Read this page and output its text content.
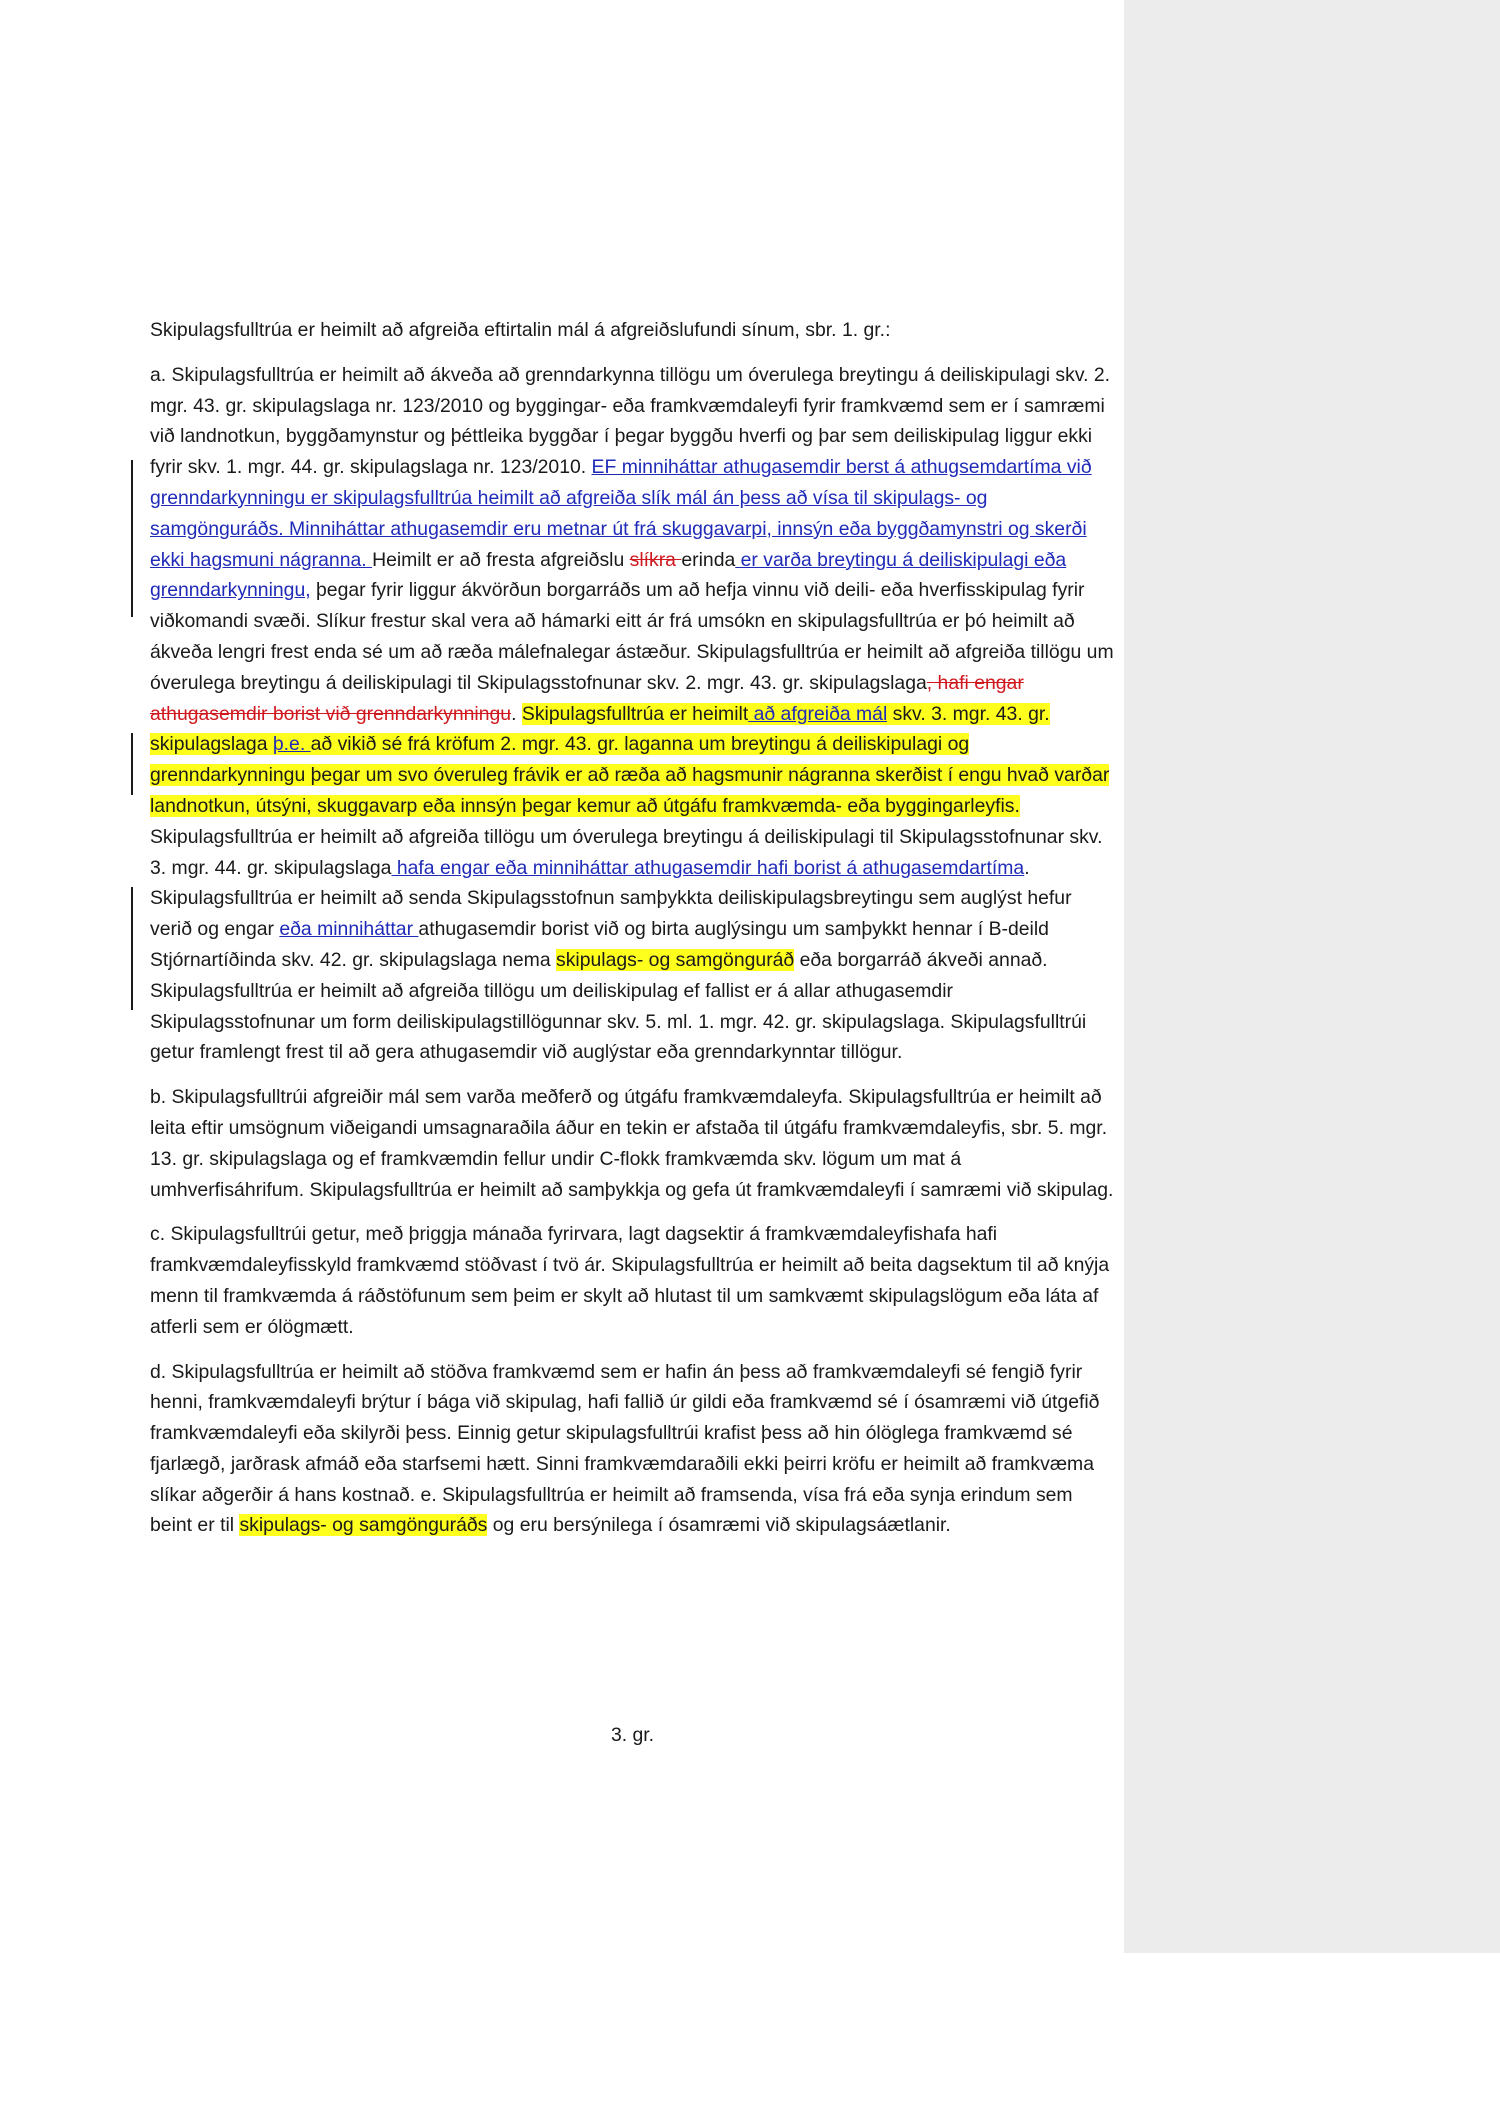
Skipulagsfulltrúa er heimilt að afgreiða eftirtalin mál á afgreiðslufundi sínum, sbr. 1. gr.:

a. Skipulagsfulltrúa er heimilt að ákveða að grenndarkynna tillögu um óverulega breytingu á deiliskipulagi skv. 2. mgr. 43. gr. skipulagslaga nr. 123/2010 og byggingar- eða framkvæmdaleyfi fyrir framkvæmd sem er í samræmi við landnotkun, byggðamynstur og þéttleika byggðar í þegar byggðu hverfi og þar sem deiliskipulag liggur ekki fyrir skv. 1. mgr. 44. gr. skipulagslaga nr. 123/2010. EF minniháttar athugasemdir berst á athugsemdartíma við grenndarkynningu er skipulagsfulltrúa heimilt að afgreiða slík mál án þess að vísa til skipulags- og samgönguráðs. Minniháttar athugasemdir eru metnar út frá skuggavarpi, innsýn eða byggðamynstri og skerði ekki hagsmuni nágranna. Heimilt er að fresta afgreiðslu slíkra erinda er varða breytingu á deiliskipulagi eða grenndarkynningu, þegar fyrir liggur ákvörðun borgarráðs um að hefja vinnu við deili- eða hverfisskipulag fyrir viðkomandi svæði. Slíkur frestur skal vera að hámarki eitt ár frá umsókn en skipulagsfulltrúa er þó heimilt að ákveða lengri frest enda sé um að ræða málefnalegar ástæður. Skipulagsfulltrúa er heimilt að afgreiða tillögu um óverulega breytingu á deiliskipulagi til Skipulagsstofnunar skv. 2. mgr. 43. gr. skipulagslaga, hafi engar athugasemdir borist við grenndarkynningu. Skipulagsfulltrúa er heimilt að afgreiða mál skv. 3. mgr. 43. gr. skipulagslaga þ.e. að vikið sé frá kröfum 2. mgr. 43. gr. laganna um breytingu á deiliskipulagi og grenndarkynningu þegar um svo óveruleg frávik er að ræða að hagsmunir nágranna skerðist í engu hvað varðar landnotkun, útsýni, skuggavarp eða innsýn þegar kemur að útgáfu framkvæmda- eða byggingarleyfis. Skipulagsfulltrúa er heimilt að afgreiða tillögu um óverulega breytingu á deiliskipulagi til Skipulagsstofnunar skv. 3. mgr. 44. gr. skipulagslaga hafa engar eða minniháttar athugasemdir hafi borist á athugasemdartíma. Skipulagsfulltrúa er heimilt að senda Skipulagsstofnun samþykkta deiliskipulagsbreytingu sem auglýst hefur verið og engar eða minniháttar athugasemdir borist við og birta auglýsingu um samþykkt hennar í B-deild Stjórnartíðinda skv. 42. gr. skipulagslaga nema skipulags- og samgönguráð eða borgarráð ákveði annað. Skipulagsfulltrúa er heimilt að afgreiða tillögu um deiliskipulag ef fallist er á allar athugasemdir Skipulagsstofnunar um form deiliskipulagstillögunnar skv. 5. ml. 1. mgr. 42. gr. skipulagslaga. Skipulagsfulltrúi getur framlengt frest til að gera athugasemdir við auglýstar eða grenndarkynntar tillögur.

b. Skipulagsfulltrúi afgreiðir mál sem varða meðferð og útgáfu framkvæmdaleyfa. Skipulagsfulltrúa er heimilt að leita eftir umsögnum viðeigandi umsagnaraðila áður en tekin er afstaða til útgáfu framkvæmdaleyfis, sbr. 5. mgr. 13. gr. skipulagslaga og ef framkvæmdin fellur undir C-flokk framkvæmda skv. lögum um mat á umhverfisáhrifum. Skipulagsfulltrúa er heimilt að samþykkja og gefa út framkvæmdaleyfi í samræmi við skipulag.

c. Skipulagsfulltrúi getur, með þriggja mánaða fyrirvara, lagt dagsektir á framkvæmdaleyfishafa hafi framkvæmdaleyfisskyld framkvæmd stöðvast í tvö ár. Skipulagsfulltrúa er heimilt að beita dagsektum til að knýja menn til framkvæmda á ráðstöfunum sem þeim er skylt að hlutast til um samkvæmt skipulagslögum eða láta af atferli sem er ólögmætt.

d. Skipulagsfulltrúa er heimilt að stöðva framkvæmd sem er hafin án þess að framkvæmdaleyfi sé fengið fyrir henni, framkvæmdaleyfi brýtur í bága við skipulag, hafi fallið úr gildi eða framkvæmd sé í ósamræmi við útgefið framkvæmdaleyfi eða skilyrði þess. Einnig getur skipulagsfulltrúi krafist þess að hin ólöglega framkvæmd sé fjarlægð, jarðrask afmáð eða starfsemi hætt. Sinni framkvæmdaraðili ekki þeirri kröfu er heimilt að framkvæma slíkar aðgerðir á hans kostnað. e. Skipulagsfulltrúa er heimilt að framsenda, vísa frá eða synja erindum sem beint er til skipulags- og samgönguráðs og eru bersýnilega í ósamræmi við skipulagsáætlanir.

3. gr.
